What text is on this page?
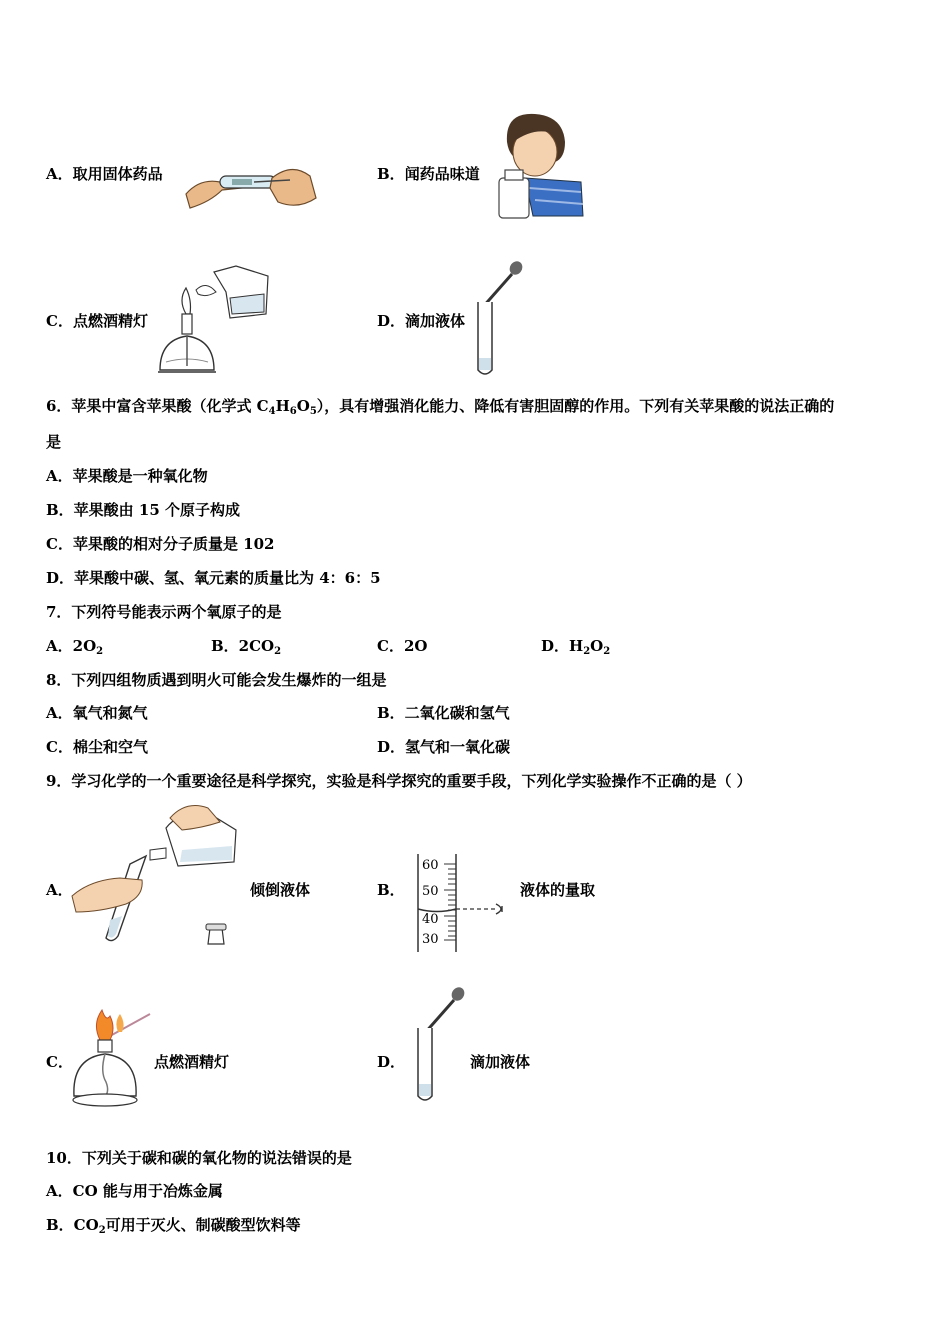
A．取用固体药品	B．闻药品味道
C．点燃酒精灯	D．滴加液体
6．苹果中富含苹果酸（化学式 $C_4H_6O_5$），具有增强消化能力、降低有害胆固醇的作用。下列有关苹果酸的说法正确的
是
A．苹果酸是一种氧化物
B．苹果酸由 15 个原子构成
C．苹果酸的相对分子质量是 102
D．苹果酸中碳、氢、氧元素的质量比为 4：6：5
7．下列符号能表示两个氧原子的是
A．$2O_2$	B．$2CO_2$	C．2O	D．$H_2O_2$
8．下列四组物质遇到明火可能会发生爆炸的一组是
A．氧气和氮气	B．二氧化碳和氢气
C．棉尘和空气	D．氢气和一氧化碳
9．学习化学的一个重要途径是科学探究，实验是科学探究的重要手段，下列化学实验操作不正确的是（ ）
A．	倾倒液体	B．
60
50
40
30
液体的量取
C．	点燃酒精灯	D．	滴加液体
10．下列关于碳和碳的氧化物的说法错误的是
A．CO 能与用于冶炼金属
B．$CO_2$可用于灭火、制碳酸型饮料等
